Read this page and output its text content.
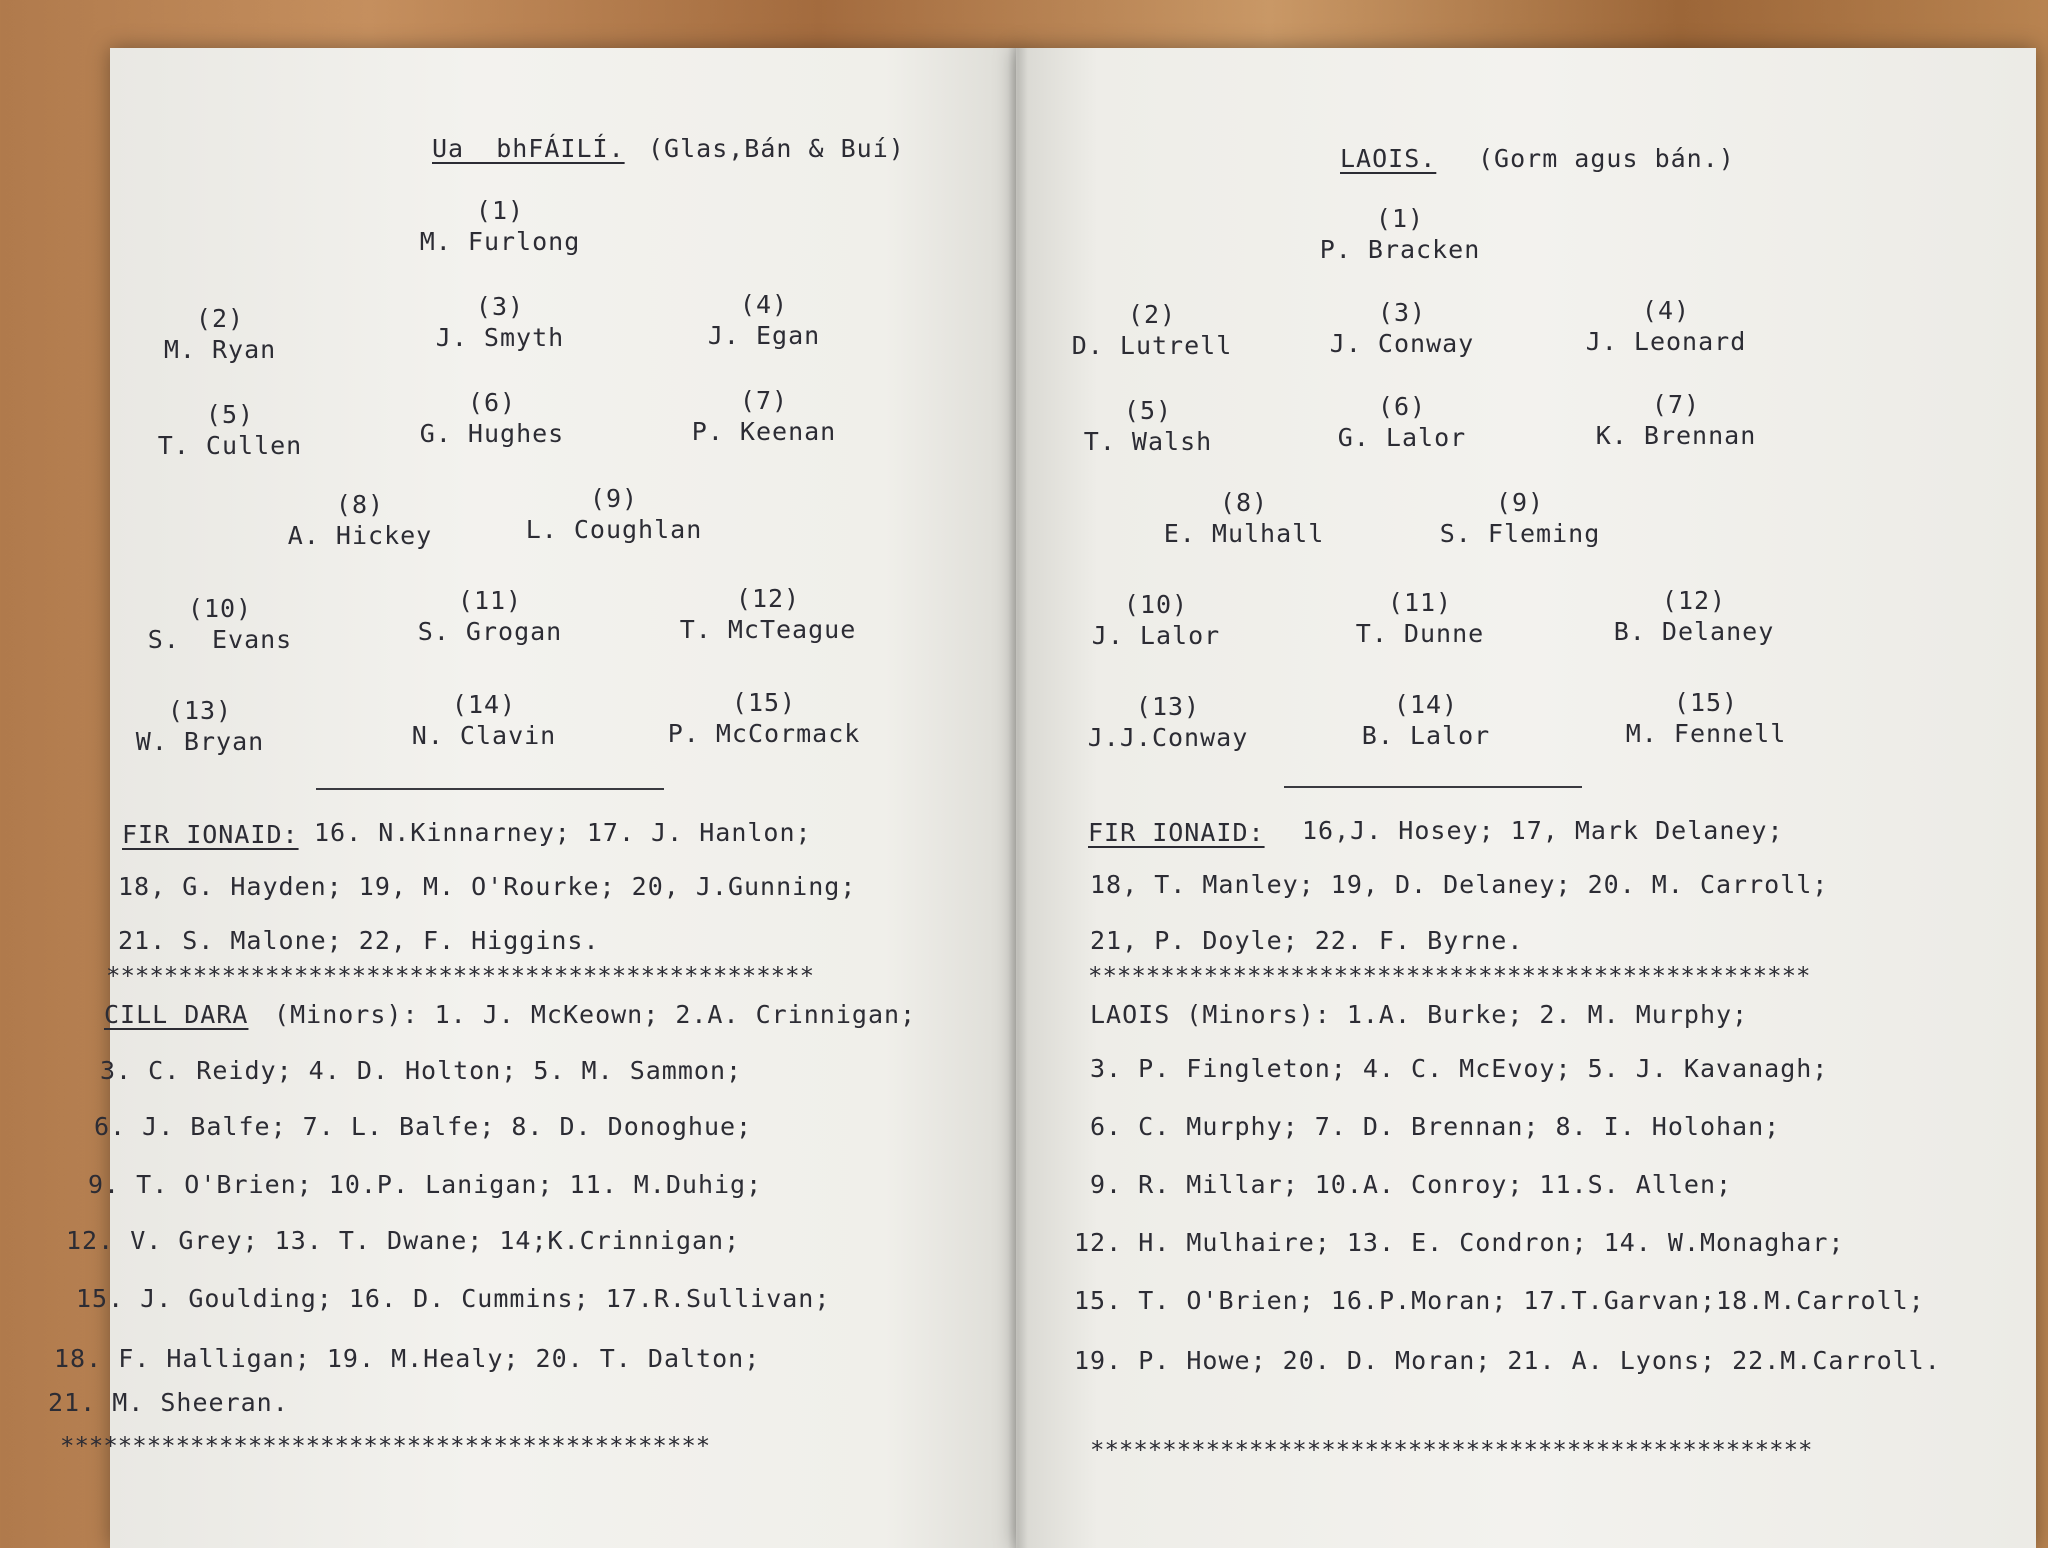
Ua  bhFÁILÍ. (Glas,Bán & Buí)
(1)
M. Furlong
(2)
M. Ryan
(3)
J. Smyth
(4)
J. Egan
(5)
T. Cullen
(6)
G. Hughes
(7)
P. Keenan
(8)
A. Hickey
(9)
L. Coughlan
(10)
S.  Evans
(11)
S. Grogan
(12)
T. McTeague
(13)
W. Bryan
(14)
N. Clavin
(15)
P. McCormack
FIR IONAID: 16. N.Kinnarney; 17. J. Hanlon;
18, G. Hayden; 19, M. O'Rourke; 20, J.Gunning;
21. S. Malone; 22, F. Higgins.
*************************************************
CILL DARA (Minors): 1. J. McKeown; 2.A. Crinnigan;
3. C. Reidy; 4. D. Holton; 5. M. Sammon;
6. J. Balfe; 7. L. Balfe; 8. D. Donoghue;
9. T. O'Brien; 10.P. Lanigan; 11. M.Duhig;
12. V. Grey; 13. T. Dwane; 14;K.Crinnigan;
15. J. Goulding; 16. D. Cummins; 17.R.Sullivan;
18. F. Halligan; 19. M.Healy; 20. T. Dalton;
21. M. Sheeran.
*********************************************
LAOIS. (Gorm agus bán.)
(1)
P. Bracken
(2)
D. Lutrell
(3)
J. Conway
(4)
J. Leonard
(5)
T. Walsh
(6)
G. Lalor
(7)
K. Brennan
(8)
E. Mulhall
(9)
S. Fleming
(10)
J. Lalor
(11)
T. Dunne
(12)
B. Delaney
(13)
J.J.Conway
(14)
B. Lalor
(15)
M. Fennell
FIR IONAID: 16,J. Hosey; 17, Mark Delaney;
18, T. Manley; 19, D. Delaney; 20. M. Carroll;
21, P. Doyle; 22. F. Byrne.
**************************************************
LAOIS (Minors): 1.A. Burke; 2. M. Murphy;
3. P. Fingleton; 4. C. McEvoy; 5. J. Kavanagh;
6. C. Murphy; 7. D. Brennan; 8. I. Holohan;
9. R. Millar; 10.A. Conroy; 11.S. Allen;
12. H. Mulhaire; 13. E. Condron; 14. W.Monaghar;
15. T. O'Brien; 16.P.Moran; 17.T.Garvan;18.M.Carroll;
19. P. Howe; 20. D. Moran; 21. A. Lyons; 22.M.Carroll.
**************************************************
